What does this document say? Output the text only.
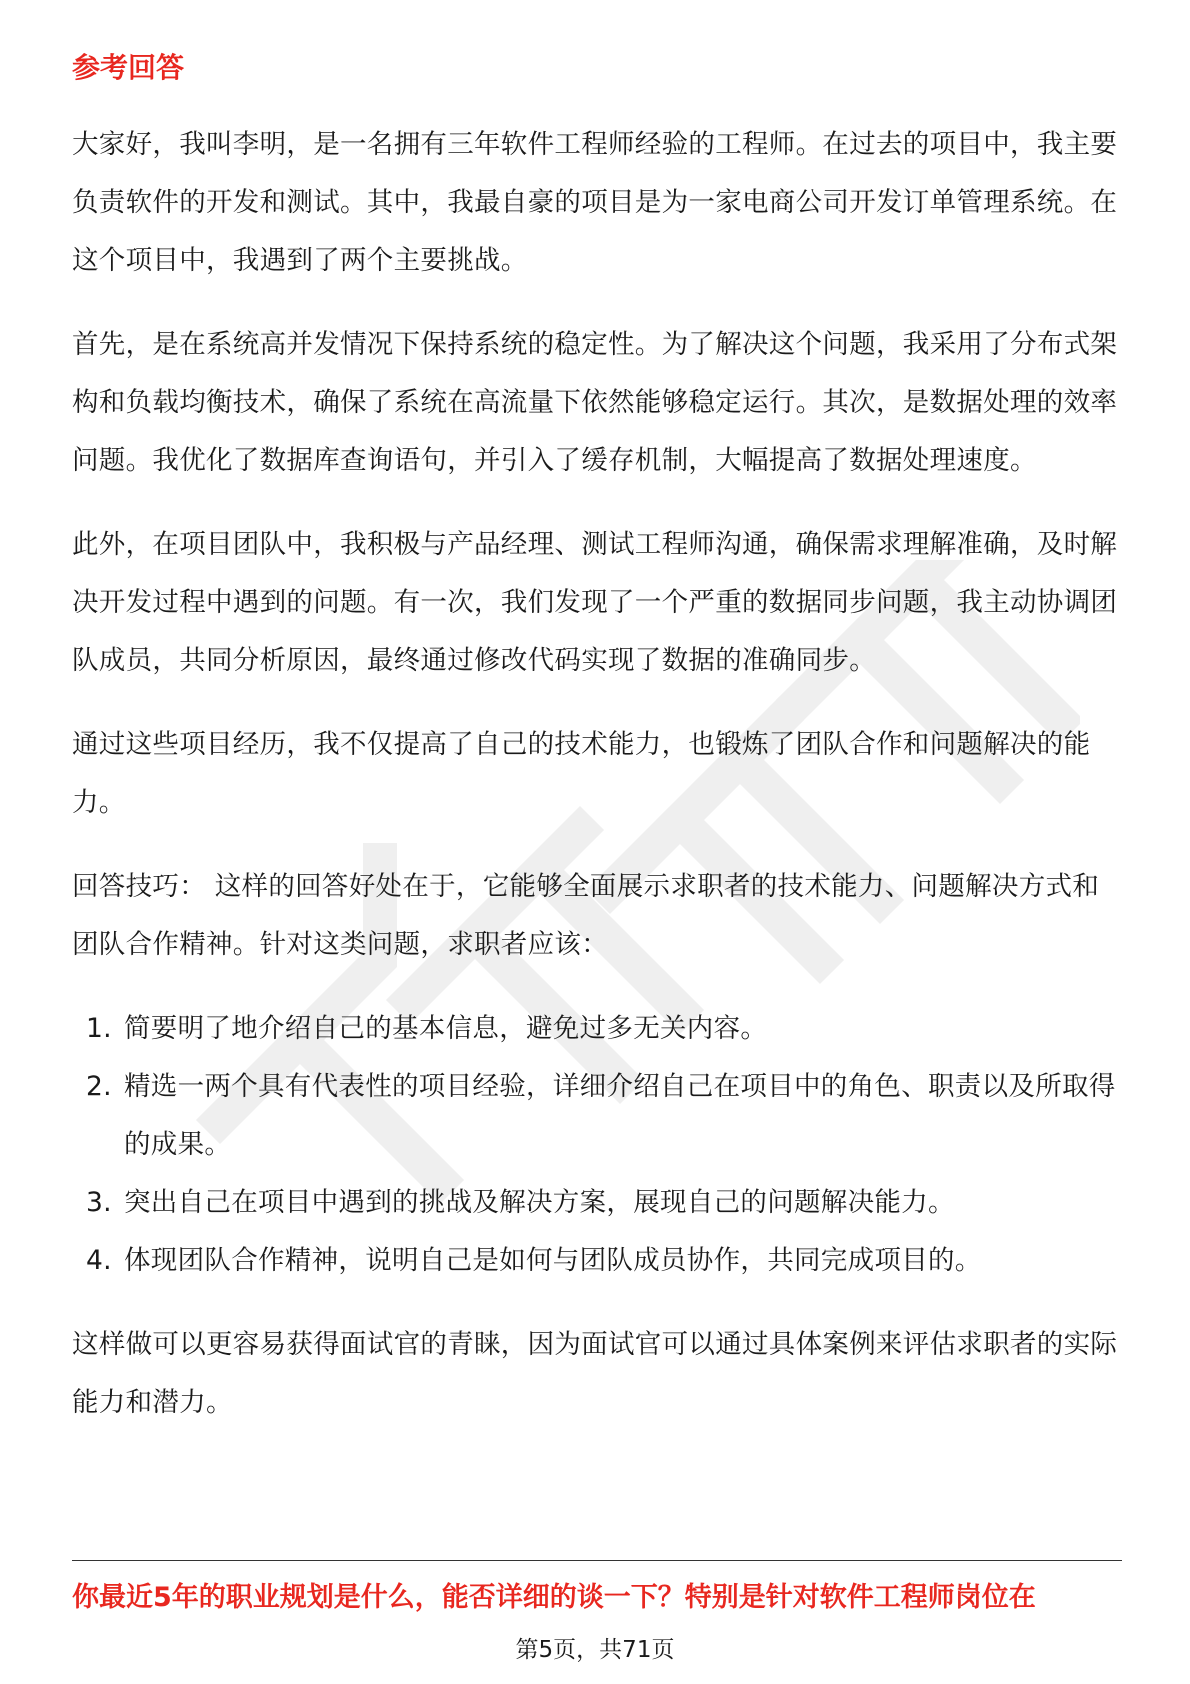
参考回答

大家好，我叫李明，是一名拥有三年软件工程师经验的工程师。在过去的项目中，我主要负责软件的开发和测试。其中，我最自豪的项目是为一家电商公司开发订单管理系统。在这个项目中，我遇到了两个主要挑战。

首先，是在系统高并发情况下保持系统的稳定性。为了解决这个问题，我采用了分布式架构和负载均衡技术，确保了系统在高流量下依然能够稳定运行。其次，是数据处理的效率问题。我优化了数据库查询语句，并引入了缓存机制，大幅提高了数据处理速度。

此外，在项目团队中，我积极与产品经理、测试工程师沟通，确保需求理解准确，及时解决开发过程中遇到的问题。有一次，我们发现了一个严重的数据同步问题，我主动协调团队成员，共同分析原因，最终通过修改代码实现了数据的准确同步。

通过这些项目经历，我不仅提高了自己的技术能力，也锻炼了团队合作和问题解决的能力。

回答技巧： 这样的回答好处在于，它能够全面展示求职者的技术能力、问题解决方式和团队合作精神。针对这类问题，求职者应该：

1. 简要明了地介绍自己的基本信息，避免过多无关内容。
2. 精选一两个具有代表性的项目经验，详细介绍自己在项目中的角色、职责以及所取得的成果。
3. 突出自己在项目中遇到的挑战及解决方案，展现自己的问题解决能力。
4. 体现团队合作精神，说明自己是如何与团队成员协作，共同完成项目的。

这样做可以更容易获得面试官的青睐，因为面试官可以通过具体案例来评估求职者的实际能力和潜力。

你最近5年的职业规划是什么，能否详细的谈一下？特别是针对软件工程师岗位在
第5页，共71页
